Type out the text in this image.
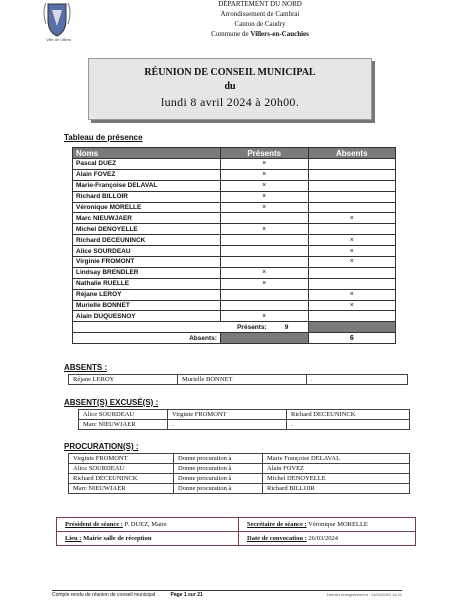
Ville de Villers
DÉPARTEMENT DU NORD
Arrondissement de Cambrai
Canton de Caudry
Commune de Villers-en-Cauchies
RÉUNION DE CONSEIL MUNICIPAL
du
lundi 8 avril 2024 à 20h00.
Tableau de présence
Noms	Présents	Absents
Pascal DUEZ	×	
Alain FOVEZ	×	
Marie-Françoise DELAVAL	×	
Richard BILLOIR	×	
Véronique MORELLE	×	
Marc NIEUWJAER		×
Michel DENOYELLE	×	
Richard DECEUNINCK		×
Alice SOURDEAU		×
Virginie FROMONT		×
Lindsay BRENDLER	×	
Nathalie RUELLE	×	
Réjane LEROY		×
Murielle BONNET		×
Alain DUQUESNOY	×	
Présents: 9		
Absents:		6
ABSENTS :
Réjane LEROY	Murielle BONNET	.
ABSENT(S) EXCUSÉ(S) :
Alice SOURDEAU	Virginie FROMONT	Richard DECEUNINCK
Marc NIEUWJAER	.	.
PROCURATION(S) :
Virginie FROMONT	Donne procuration à	Marie Françoise DELAVAL
Alice SOURDEAU	Donne procuration à	Alain FOVEZ
Richard DECEUNINCK	Donne procuration à	Michel DENOYELLE
Marc NIEUWJAER	Donne procuration à	Richard BILLOIR
Président de séance : P. DUEZ, Maire	Secrétaire de séance : Véronique MORELLE
Lieu : Mairie salle de réception	Date de convocation : 26/03/2024
Compte rendu de réunion de conseil municipal	Page 1 sur 21	Dernier enregistrement : 11/04/2024 14:21
